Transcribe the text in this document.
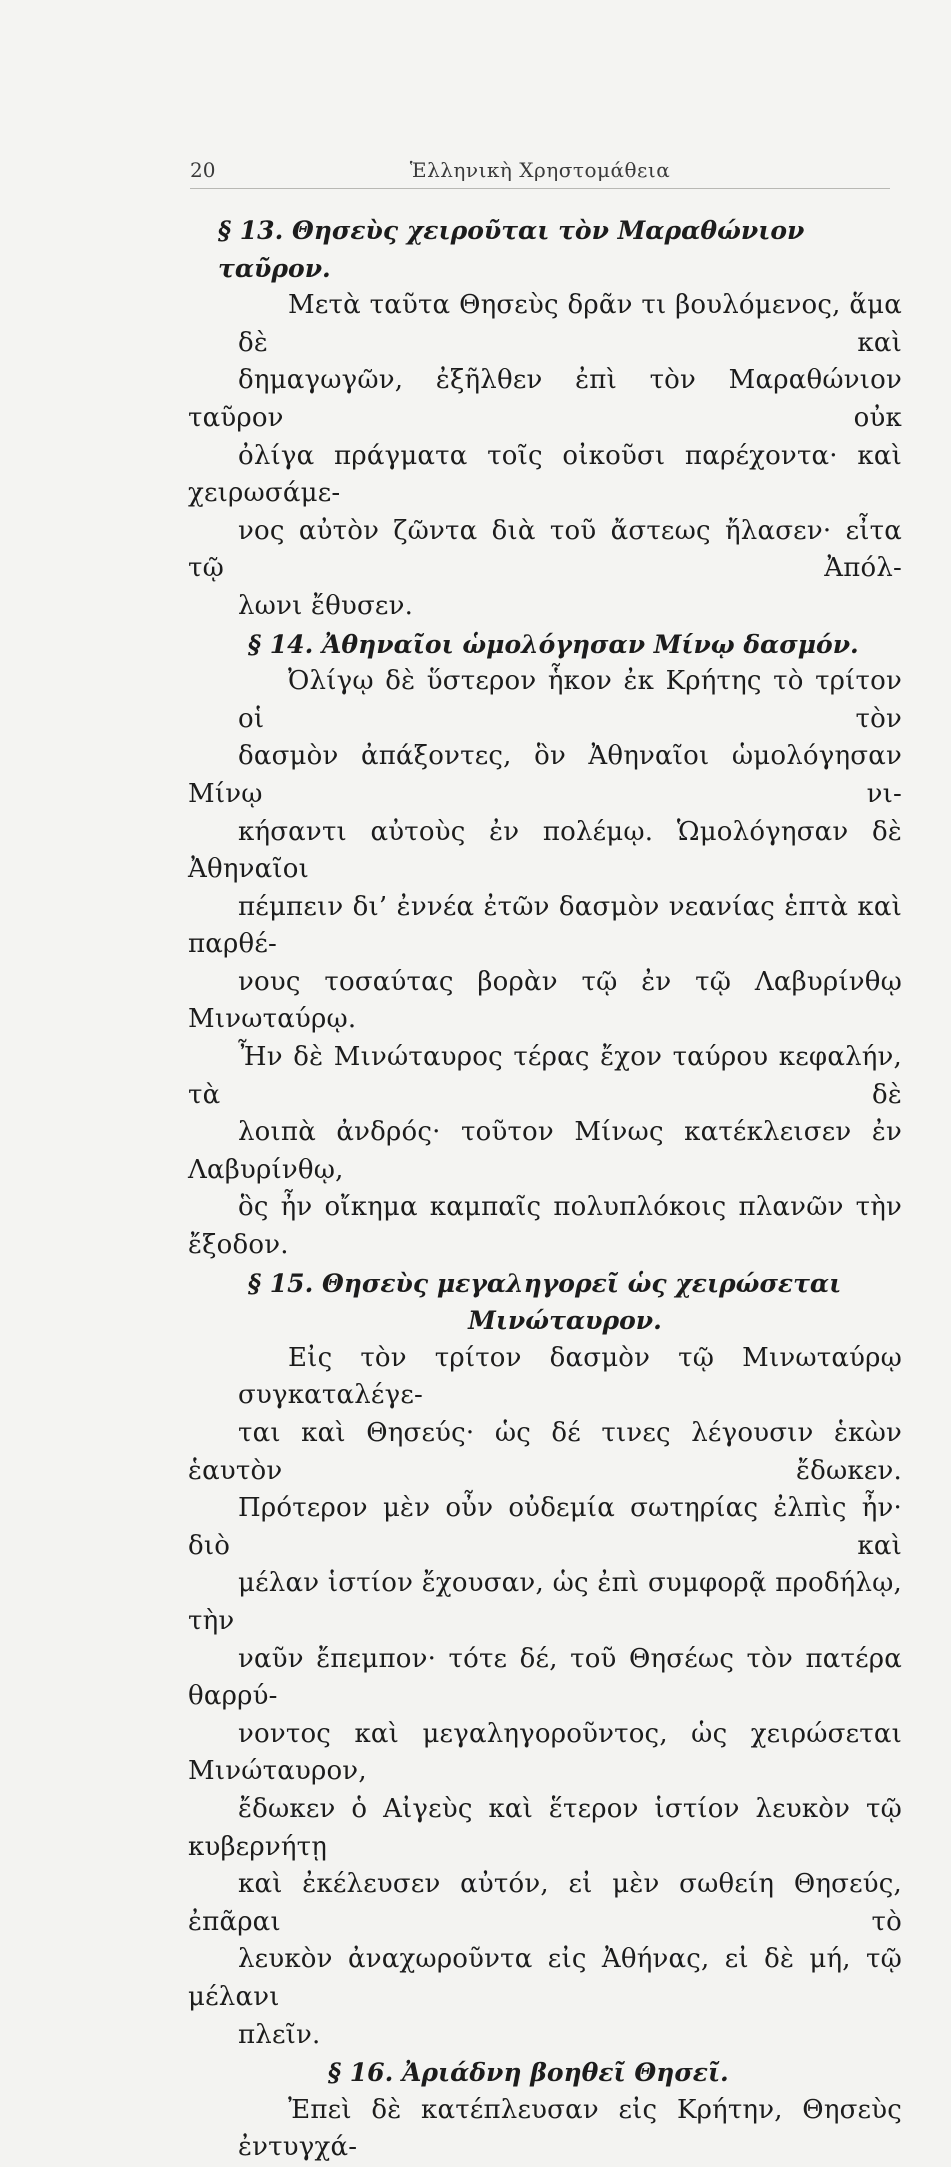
20	Ἑλληνικὴ Χρηστομάθεια
§ 13. Θησεὺς χειροῦται τὸν Μαραθώνιον ταῦρον.
Μετὰ ταῦτα Θησεὺς δρᾶν τι βουλόμενος, ἅμα δὲ καὶ
δημαγωγῶν, ἐξῆλθεν ἐπὶ τὸν Μαραθώνιον ταῦρον οὐκ
ὀλίγα πράγματα τοῖς οἰκοῦσι παρέχοντα· καὶ χειρωσάμε-
νος αὐτὸν ζῶντα διὰ τοῦ ἄστεως ἤλασεν· εἶτα τῷ Ἀπόλ-
λωνι ἔθυσεν.
§ 14. Ἀθηναῖοι ὡμολόγησαν Μίνῳ δασμόν.
Ὀλίγῳ δὲ ὕστερον ἧκον ἐκ Κρήτης τὸ τρίτον οἱ τὸν
δασμὸν ἀπάξοντες, ὃν Ἀθηναῖοι ὡμολόγησαν Μίνῳ νι-
κήσαντι αὐτοὺς ἐν πολέμῳ. Ὡμολόγησαν δὲ Ἀθηναῖοι
πέμπειν δι’ ἐννέα ἐτῶν δασμὸν νεανίας ἑπτὰ καὶ παρθέ-
νους τοσαύτας βορὰν τῷ ἐν τῷ Λαβυρίνθῳ Μινωταύρῳ.
Ἦν δὲ Μινώταυρος τέρας ἔχον ταύρου κεφαλήν, τὰ δὲ
λοιπὰ ἀνδρός· τοῦτον Μίνως κατέκλεισεν ἐν Λαβυρίνθῳ,
ὃς ἦν οἴκημα καμπαῖς πολυπλόκοις πλανῶν τὴν ἔξοδον.
§ 15. Θησεὺς μεγαληγορεῖ ὡς χειρώσεται
Μινώταυρον.
Εἰς τὸν τρίτον δασμὸν τῷ Μινωταύρῳ συγκαταλέγε-
ται καὶ Θησεύς· ὡς δέ τινες λέγουσιν ἑκὼν ἑαυτὸν ἔδωκεν.
Πρότερον μὲν οὖν οὐδεμία σωτηρίας ἐλπὶς ἦν· διὸ καὶ
μέλαν ἱστίον ἔχουσαν, ὡς ἐπὶ συμφορᾷ προδήλῳ, τὴν
ναῦν ἔπεμπον· τότε δέ, τοῦ Θησέως τὸν πατέρα θαρρύ-
νοντος καὶ μεγαληγοροῦντος, ὡς χειρώσεται Μινώταυρον,
ἔδωκεν ὁ Αἰγεὺς καὶ ἕτερον ἱστίον λευκὸν τῷ κυβερνήτῃ
καὶ ἐκέλευσεν αὐτόν, εἰ μὲν σωθείη Θησεύς, ἐπᾶραι τὸ
λευκὸν ἀναχωροῦντα εἰς Ἀθήνας, εἰ δὲ μή, τῷ μέλανι
πλεῖν.
§ 16. Ἀριάδνη βοηθεῖ Θησεῖ.
Ἐπεὶ δὲ κατέπλευσαν εἰς Κρήτην, Θησεὺς ἐντυγχά-
